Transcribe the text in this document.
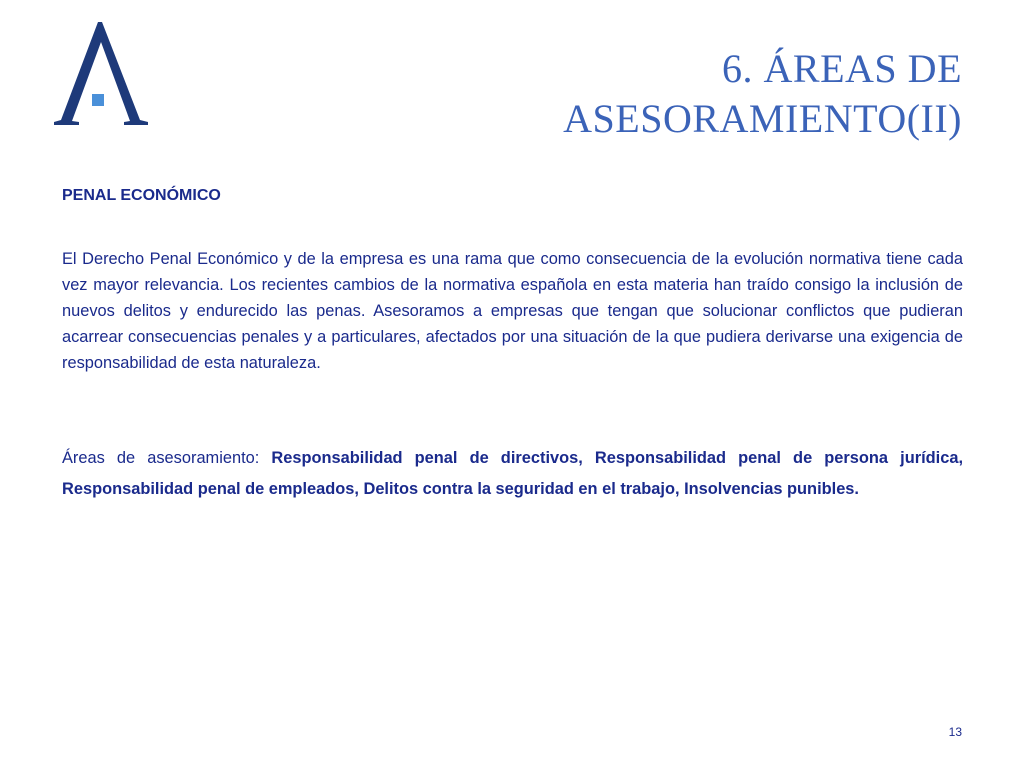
6. ÁREAS DE
ASESORAMIENTO(II)
PENAL ECONÓMICO
El Derecho Penal Económico y de la empresa es una rama que como consecuencia de la evolución normativa tiene cada vez mayor relevancia. Los recientes cambios de la normativa española en esta materia han traído consigo la inclusión de nuevos delitos y endurecido las penas. Asesoramos a empresas que tengan que solucionar conflictos que pudieran acarrear consecuencias penales y a particulares, afectados por una situación de la que pudiera derivarse una exigencia de responsabilidad de esta naturaleza.
Áreas de asesoramiento: Responsabilidad penal de directivos, Responsabilidad penal de persona jurídica, Responsabilidad penal de empleados, Delitos contra la seguridad en el trabajo, Insolvencias punibles.
13
